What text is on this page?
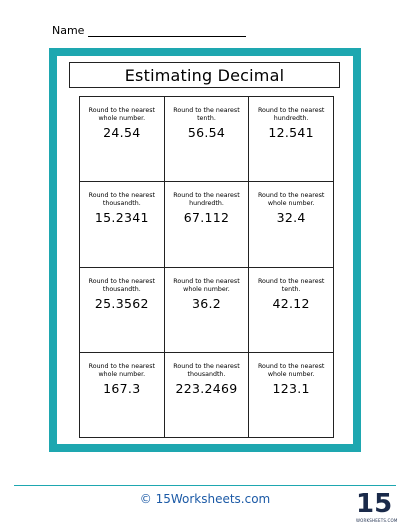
Name
Estimating Decimal
Round to the nearest whole number.
24.54
Round to the nearest tenth.
56.54
Round to the nearest hundredth.
12.541
Round to the nearest thousandth.
15.2341
Round to the nearest hundredth.
67.112
Round to the nearest whole number.
32.4
Round to the nearest thousandth.
25.3562
Round to the nearest whole number.
36.2
Round to the nearest tenth.
42.12
Round to the nearest whole number.
167.3
Round to the nearest thousandth.
223.2469
Round to the nearest whole number.
123.1
© 15Worksheets.com	15
WORKSHEETS.COM
